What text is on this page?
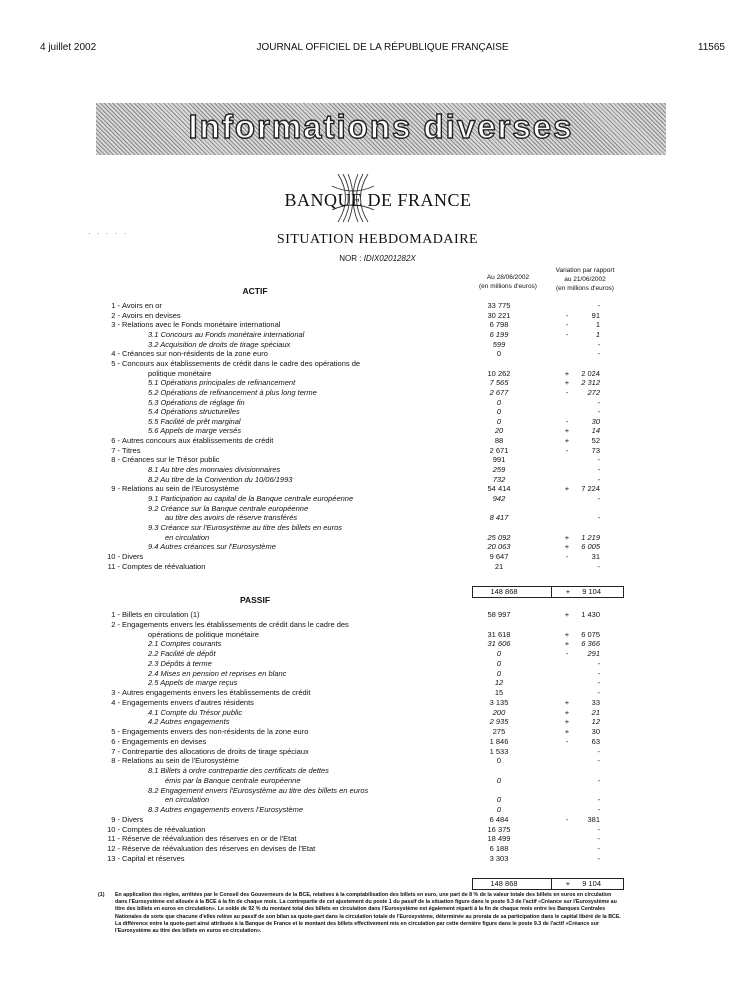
4 juillet 2002	JOURNAL OFFICIEL DE LA RÉPUBLIQUE FRANÇAISE	11565
Informations diverses
BANQUE DE FRANCE
· · · · ·	SITUATION HEBDOMADAIRE
NOR : IDIX0201282X
Au 28/06/2002
(en millions d'euros)
Variation par rapport
au 21/06/2002
(en millions d'euros)
ACTIF
1 - Avoirs en or	33 775	-
2 - Avoirs en devises	30 221	-	91
3 - Relations avec le Fonds monétaire international	6 798	-	1
3.1 Concours au Fonds monétaire international	6 199	-	1
3.2 Acquisition de droits de tirage spéciaux	599	-
4 - Créances sur non-résidents de la zone euro	0	-
5 - Concours aux établissements de crédit dans le cadre des opérations de
politique monétaire	10 262	+	2 024
5.1 Opérations principales de refinancement	7 565	+	2 312
5.2 Opérations de refinancement à plus long terme	2 677	-	272
5.3 Opérations de réglage fin	0	-
5.4 Opérations structurelles	0	-
5.5 Facilité de prêt marginal	0	-	30
5.6 Appels de marge versés	20	+	14
6 - Autres concours aux établissements de crédit	88	+	52
7 - Titres	2 671	-	73
8 - Créances sur le Trésor public	991	-
8.1 Au titre des monnaies divisionnaires	259	-
8.2 Au titre de la Convention du 10/06/1993	732	-
9 - Relations au sein de l'Eurosystème	54 414	+	7 224
9.1 Participation au capital de la Banque centrale européenne	942	-
9.2 Créance sur la Banque centrale européenne
au titre des avoirs de réserve transférés	8 417	-
9.3 Créance sur l'Eurosystème au titre des billets en euros
en circulation	25 092	+	1 219
9.4 Autres créances sur l'Eurosystème	20 063	+	6 005
10 - Divers	9 647	-	31
11 - Comptes de réévaluation	21	-
148 868	+	9 104
PASSIF
1 - Billets en circulation (1)	58 997	+	1 430
2 - Engagements envers les établissements de crédit dans le cadre des
opérations de politique monétaire	31 618	+	6 075
2.1 Comptes courants	31 606	+	6 366
2.2 Facilité de dépôt	0	-	291
2.3 Dépôts à terme	0	-
2.4 Mises en pension et reprises en blanc	0	-
2.5 Appels de marge reçus	12	-
3 - Autres engagements envers les établissements de crédit	15	-
4 - Engagements envers d'autres résidents	3 135	+	33
4.1 Compte du Trésor public	200	+	21
4.2 Autres engagements	2 935	+	12
5 - Engagements envers des non-résidents de la zone euro	275	+	30
6 - Engagements en devises	1 846	-	63
7 - Contrepartie des allocations de droits de tirage spéciaux	1 533	-
8 - Relations au sein de l'Eurosystème	0	-
8.1 Billets à ordre contrepartie des certificats de dettes
émis par la Banque centrale européenne	0	-
8.2 Engagement envers l'Eurosystème au titre des billets en euros
en circulation	0	-
8.3 Autres engagements envers l'Eurosystème	0	-
9 - Divers	6 484	-	381
10 - Comptes de réévaluation	16 375	-
11 - Réserve de réévaluation des réserves en or de l'Etat	18 499	-
12 - Réserve de réévaluation des réserves en devises de l'Etat	6 188	-
13 - Capital et réserves	3 303	-
148 868	+	9 104
(1) En application des règles, arrêtées par le Conseil des Gouverneurs de la BCE, relatives à la comptabilisation des billets en euro, une part de 8 % de la valeur totale des billets en euros en circulation dans l'Eurosystème est allouée à la BCE à la fin de chaque mois. La contrepartie de cet ajustement du poste 1 du passif de la situation figure dans le poste 9.3 de l'actif «Créance sur l'Eurosystème au titre des billets en euros en circulation». Le solde de 92 % du montant total des billets en circulation dans l'Eurosystème est également réparti à la fin de chaque mois entre les Banques Centrales Nationales de sorte que chacune d'elles relève au passif de son bilan sa quote-part dans la circulation totale de l'Eurosystème, déterminée au prorata de sa participation dans le capital libéré de la BCE. La différence entre la quote-part ainsi attribuée à la Banque de France et le montant des billets effectivement mis en circulation par cette dernière figure dans le poste 9.3 de l'actif «Créance sur l'Eurosystème au titre des billets en euros en circulation».
